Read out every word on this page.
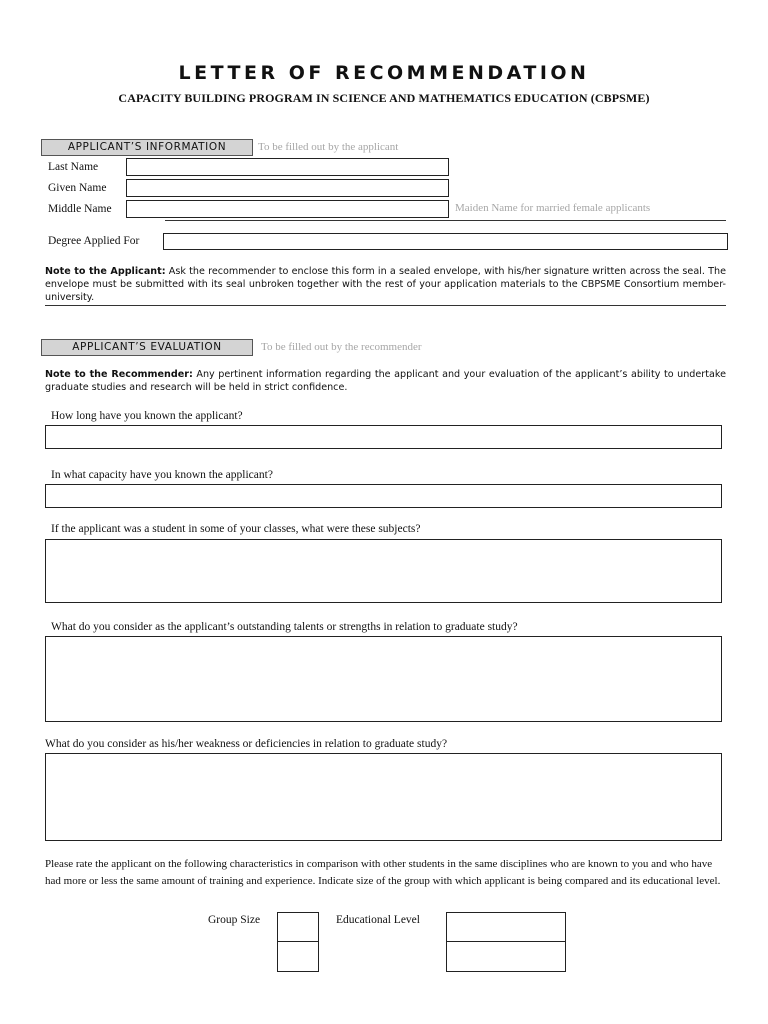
LETTER OF RECOMMENDATION
CAPACITY BUILDING PROGRAM IN SCIENCE AND MATHEMATICS EDUCATION (CBPSME)
APPLICANT’S INFORMATION	To be filled out by the applicant
Last Name
Given Name
Middle Name	Maiden Name for married female applicants
Degree Applied For
Note to the Applicant: Ask the recommender to enclose this form in a sealed envelope, with his/her signature written across the seal. The envelope must be submitted with its seal unbroken together with the rest of your application materials to the CBPSME Consortium member-university.
APPLICANT’S EVALUATION	To be filled out by the recommender
Note to the Recommender: Any pertinent information regarding the applicant and your evaluation of the applicant’s ability to undertake graduate studies and research will be held in strict confidence.
How long have you known the applicant?
In what capacity have you known the applicant?
If the applicant was a student in some of your classes, what were these subjects?
What do you consider as the applicant’s outstanding talents or strengths in relation to graduate study?
What do you consider as his/her weakness or deficiencies in relation to graduate study?
Please rate the applicant on the following characteristics in comparison with other students in the same disciplines who are known to you and who have had more or less the same amount of training and experience. Indicate size of the group with which applicant is being compared and its educational level.
Group Size	Educational Level
